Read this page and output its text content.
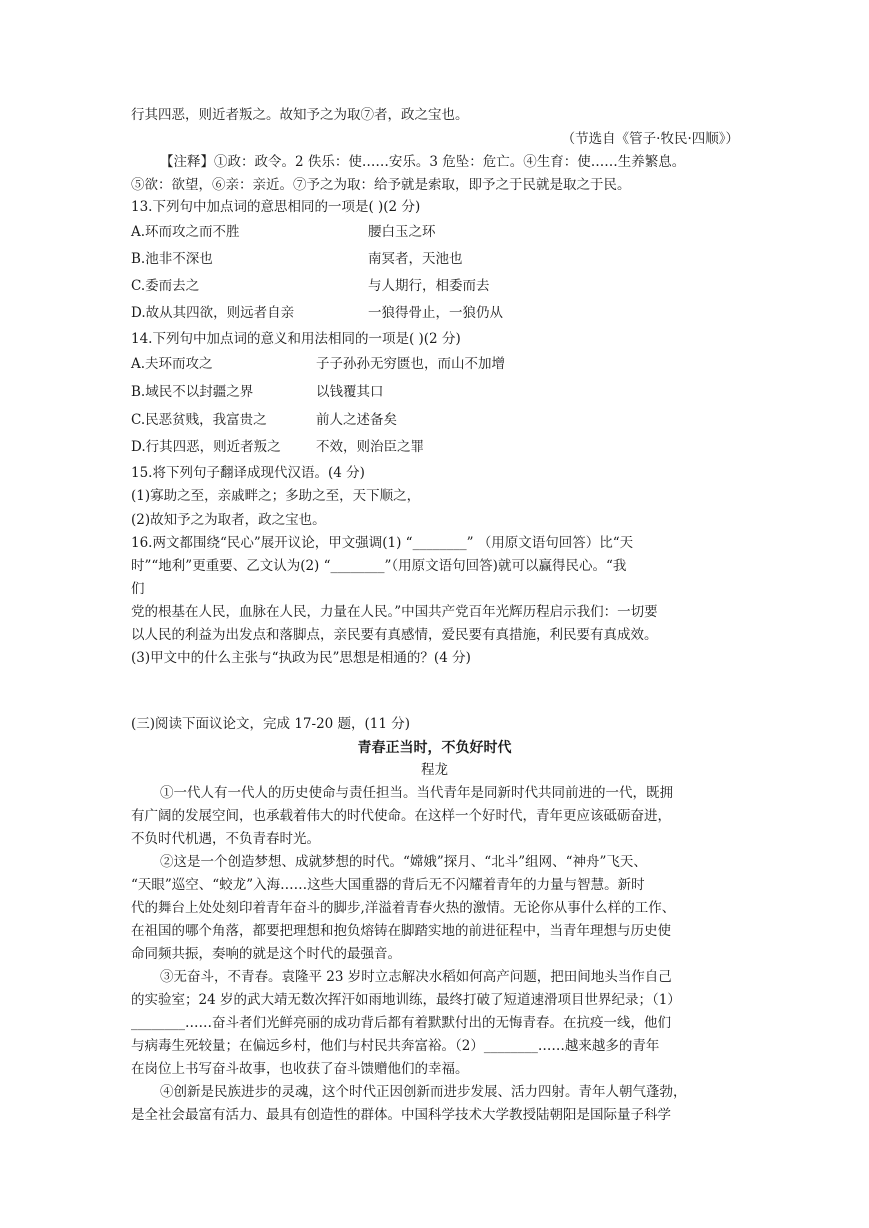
行其四恶，则近者叛之。故知予之为取⑦者，政之宝也。
（节选自《管子·牧民·四顺》）
【注释】①政：政令。2 佚乐：使……安乐。3 危坠：危亡。④生育：使……生养繁息。
⑤欲：欲望，⑥亲：亲近。⑦予之为取：给予就是索取，即予之于民就是取之于民。
13.下列句中加点词的意思相同的一项是( )(2 分)
A.环而攻之而不胜	腰白玉之环
B.池非不深也	南冥者，天池也
C.委而去之	与人期行，相委而去
D.故从其四欲，则远者自亲	一狼得骨止，一狼仍从
14.下列句中加点词的意义和用法相同的一项是( )(2 分)
A.夫环而攻之	子子孙孙无穷匮也，而山不加增
B.域民不以封疆之界	以钱覆其口
C.民恶贫贱，我富贵之	前人之述备矣
D.行其四恶，则近者叛之	不效，则治臣之罪
15.将下列句子翻译成现代汉语。(4 分)
(1)寡助之至，亲戚畔之；多助之至，天下顺之，
(2)故知予之为取者，政之宝也。
16.两文都围绕“民心”展开议论，甲文强调(1) “________” （用原文语句回答）比“天
时”“地利”更重要、乙文认为(2) “________”（用原文语句回答)就可以赢得民心。“我
们
党的根基在人民，血脉在人民，力量在人民。”中国共产党百年光辉历程启示我们：一切要
以人民的利益为出发点和落脚点，亲民要有真感情，爱民要有真措施，利民要有真成效。
(3)甲文中的什么主张与“执政为民”思想是相通的？(4 分)
(三)阅读下面议论文，完成 17-20 题，(11 分)
青春正当时，不负好时代
程龙
①一代人有一代人的历史使命与责任担当。当代青年是同新时代共同前进的一代，既拥
有广阔的发展空间，也承载着伟大的时代使命。在这样一个好时代，青年更应该砥砺奋进，
不负时代机遇，不负青春时光。
②这是一个创造梦想、成就梦想的时代。“嫦娥”探月、“北斗”组网、“神舟”飞天、
“天眼”巡空、“蛟龙”入海……这些大国重器的背后无不闪耀着青年的力量与智慧。新时
代的舞台上处处刻印着青年奋斗的脚步,洋溢着青春火热的激情。无论你从事什么样的工作、
在祖国的哪个角落，都要把理想和抱负熔铸在脚踏实地的前进征程中，当青年理想与历史使
命同频共振，奏响的就是这个时代的最强音。
③无奋斗，不青春。袁隆平 23 岁时立志解决水稻如何高产问题，把田间地头当作自己
的实验室；24 岁的武大靖无数次挥汗如雨地训练，最终打破了短道速滑项目世界纪录；（1）
________……奋斗者们光鲜亮丽的成功背后都有着默默付出的无悔青春。在抗疫一线，他们
与病毒生死较量；在偏远乡村，他们与村民共奔富裕。（2）________……越来越多的青年
在岗位上书写奋斗故事，也收获了奋斗馈赠他们的幸福。
④创新是民族进步的灵魂，这个时代正因创新而进步发展、活力四射。青年人朝气蓬勃，
是全社会最富有活力、最具有创造性的群体。中国科学技术大学教授陆朝阳是国际量子科学
